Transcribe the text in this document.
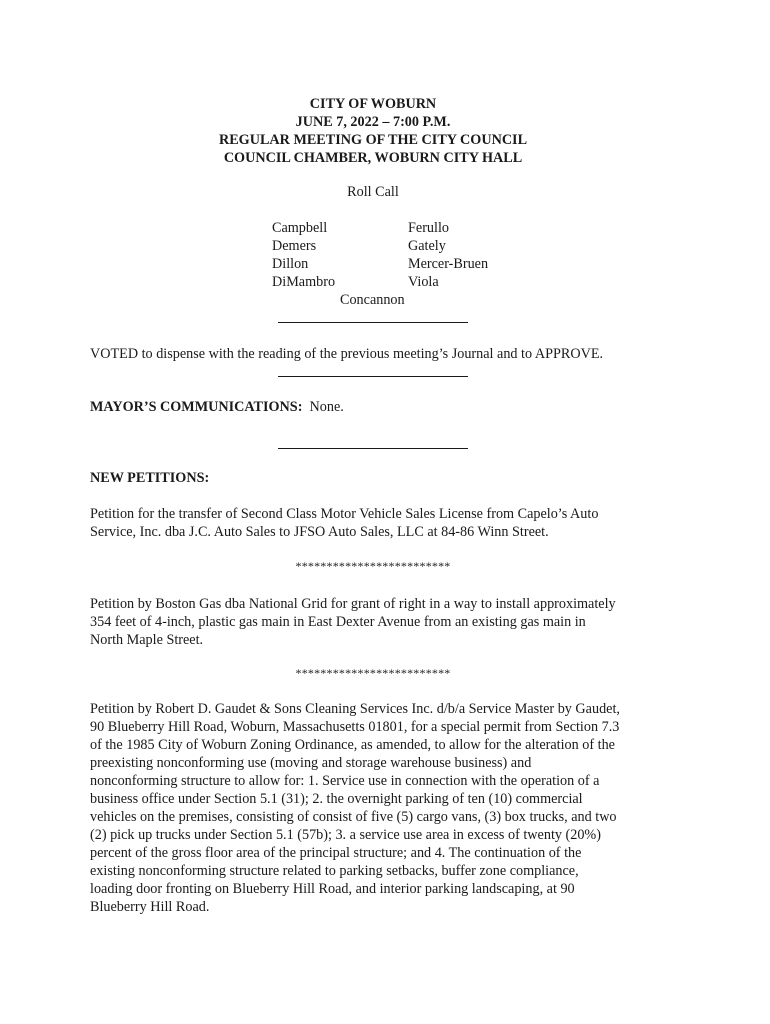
CITY OF WOBURN
JUNE 7, 2022 – 7:00 P.M.
REGULAR MEETING OF THE CITY COUNCIL
COUNCIL CHAMBER, WOBURN CITY HALL
Roll Call
Campbell
Demers
Dillon
DiMambro
Ferullo
Gately
Mercer-Bruen
Viola
Concannon
VOTED to dispense with the reading of the previous meeting’s Journal and to APPROVE.
MAYOR’S COMMUNICATIONS: None.
NEW PETITIONS:
Petition for the transfer of Second Class Motor Vehicle Sales License from Capelo’s Auto
Service, Inc. dba J.C. Auto Sales to JFSO Auto Sales, LLC at 84-86 Winn Street.
*************************
Petition by Boston Gas dba National Grid for grant of right in a way to install approximately
354 feet of 4-inch, plastic gas main in East Dexter Avenue from an existing gas main in
North Maple Street.
*************************
Petition by Robert D. Gaudet & Sons Cleaning Services Inc. d/b/a Service Master by Gaudet,
90 Blueberry Hill Road, Woburn, Massachusetts 01801, for a special permit from Section 7.3
of the 1985 City of Woburn Zoning Ordinance, as amended, to allow for the alteration of the
preexisting nonconforming use (moving and storage warehouse business) and
nonconforming structure to allow for: 1. Service use in connection with the operation of a
business office under Section 5.1 (31); 2. the overnight parking of ten (10) commercial
vehicles on the premises, consisting of consist of five (5) cargo vans, (3) box trucks, and two
(2) pick up trucks under Section 5.1 (57b); 3. a service use area in excess of twenty (20%)
percent of the gross floor area of the principal structure; and 4. The continuation of the
existing nonconforming structure related to parking setbacks, buffer zone compliance,
loading door fronting on Blueberry Hill Road, and interior parking landscaping, at 90
Blueberry Hill Road.
